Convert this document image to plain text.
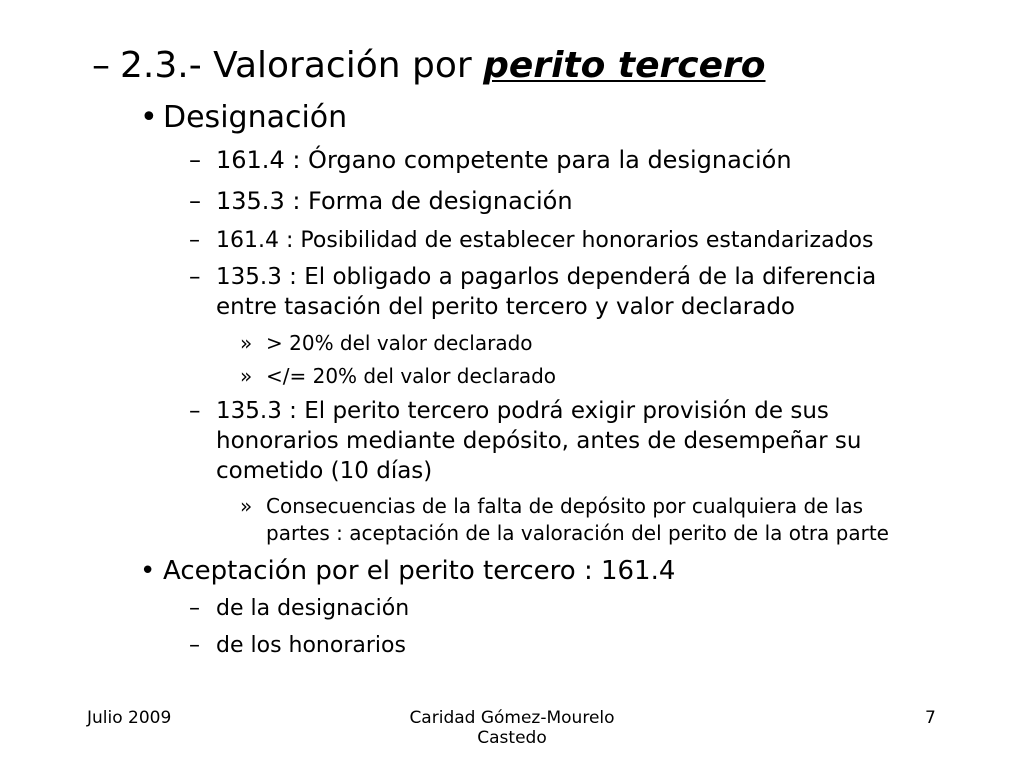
– 2.3.- Valoración por perito tercero
• Designación
– 161.4 : Órgano competente para la designación
– 135.3 : Forma de designación
– 161.4 : Posibilidad de establecer honorarios estandarizados
– 135.3 : El obligado a pagarlos dependerá de la diferencia
entre tasación del perito tercero y valor declarado
» > 20% del valor declarado
» </= 20% del valor declarado
– 135.3 : El perito tercero podrá exigir provisión de sus
honorarios mediante depósito, antes de desempeñar su
cometido (10 días)
» Consecuencias de la falta de depósito por cualquiera de las
partes : aceptación de la valoración del perito de la otra parte
• Aceptación por el perito tercero : 161.4
– de la designación
– de los honorarios
Julio 2009	Caridad Gómez-Mourelo
Castedo
7
